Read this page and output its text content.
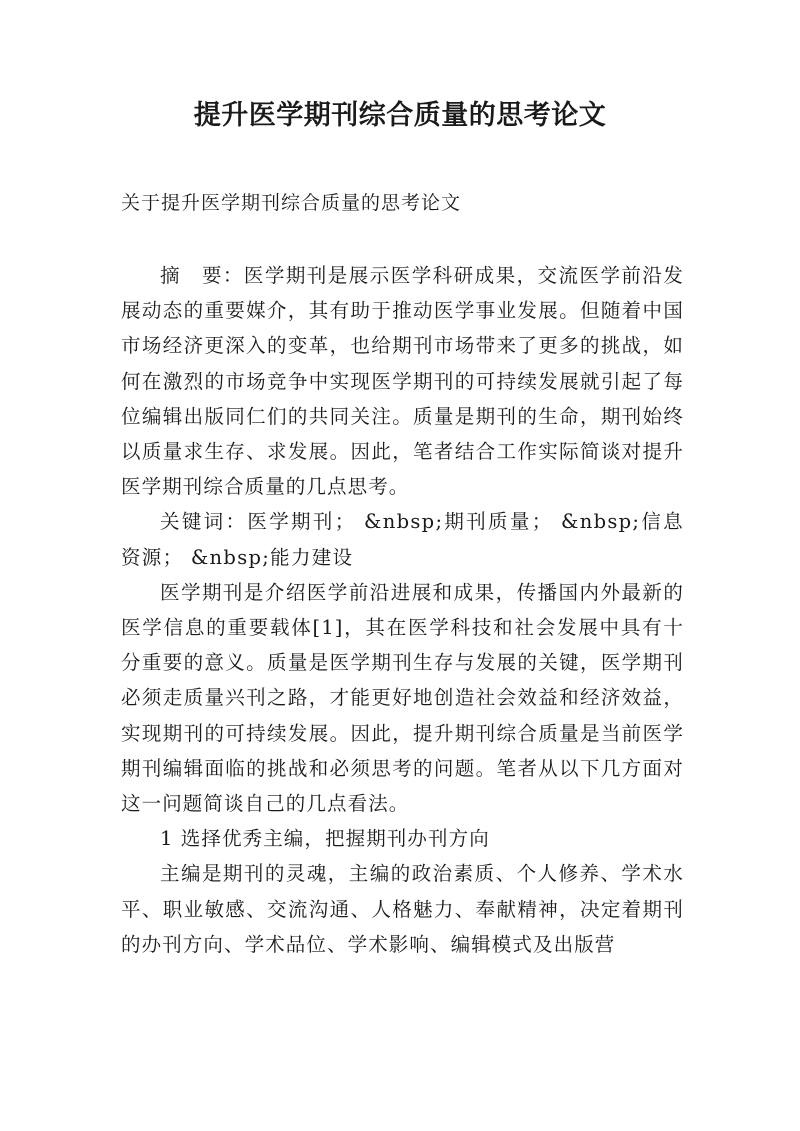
提升医学期刊综合质量的思考论文
关于提升医学期刊综合质量的思考论文

摘　要：医学期刊是展示医学科研成果，交流医学前沿发展动态的重要媒介，其有助于推动医学事业发展。但随着中国市场经济更深入的变革，也给期刊市场带来了更多的挑战，如何在激烈的市场竞争中实现医学期刊的可持续发展就引起了每位编辑出版同仁们的共同关注。质量是期刊的生命，期刊始终以质量求生存、求发展。因此，笔者结合工作实际简谈对提升医学期刊综合质量的几点思考。

关键词：医学期刊； &nbsp;期刊质量； &nbsp;信息资源； &nbsp;能力建设

医学期刊是介绍医学前沿进展和成果，传播国内外最新的医学信息的重要载体[1]，其在医学科技和社会发展中具有十分重要的意义。质量是医学期刊生存与发展的关键，医学期刊必须走质量兴刊之路，才能更好地创造社会效益和经济效益，实现期刊的可持续发展。因此，提升期刊综合质量是当前医学期刊编辑面临的挑战和必须思考的问题。笔者从以下几方面对这一问题简谈自己的几点看法。

1 选择优秀主编，把握期刊办刊方向

主编是期刊的灵魂，主编的政治素质、个人修养、学术水平、职业敏感、交流沟通、人格魅力、奉献精神，决定着期刊的办刊方向、学术品位、学术影响、编辑模式及出版营
